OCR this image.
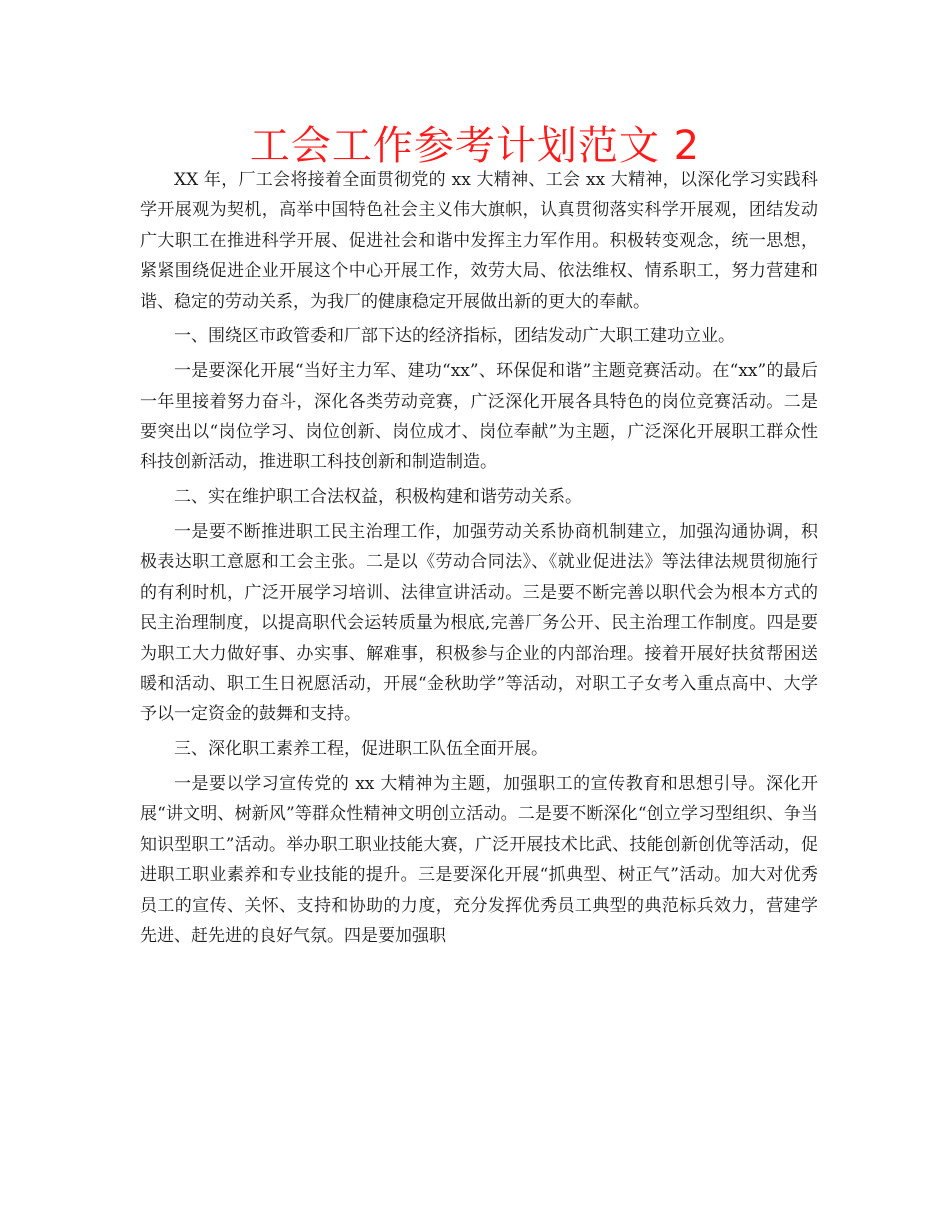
工会工作参考计划范文 2

XX 年，厂工会将接着全面贯彻党的 xx 大精神、工会 xx 大精神，以深化学习实践科学开展观为契机，高举中国特色社会主义伟大旗帜，认真贯彻落实科学开展观，团结发动广大职工在推进科学开展、促进社会和谐中发挥主力军作用。积极转变观念，统一思想，紧紧围绕促进企业开展这个中心开展工作，效劳大局、依法维权、情系职工，努力营建和谐、稳定的劳动关系，为我厂的健康稳定开展做出新的更大的奉献。

一、围绕区市政管委和厂部下达的经济指标，团结发动广大职工建功立业。

一是要深化开展“当好主力军、建功“xx”、环保促和谐”主题竞赛活动。在“xx”的最后一年里接着努力奋斗，深化各类劳动竞赛，广泛深化开展各具特色的岗位竞赛活动。二是要突出以“岗位学习、岗位创新、岗位成才、岗位奉献”为主题，广泛深化开展职工群众性科技创新活动，推进职工科技创新和制造制造。

二、实在维护职工合法权益，积极构建和谐劳动关系。

一是要不断推进职工民主治理工作，加强劳动关系协商机制建立，加强沟通协调，积极表达职工意愿和工会主张。二是以《劳动合同法》、《就业促进法》等法律法规贯彻施行的有利时机，广泛开展学习培训、法律宣讲活动。三是要不断完善以职代会为根本方式的民主治理制度，以提高职代会运转质量为根底,完善厂务公开、民主治理工作制度。四是要为职工大力做好事、办实事、解难事，积极参与企业的内部治理。接着开展好扶贫帮困送暖和活动、职工生日祝愿活动，开展“金秋助学”等活动，对职工子女考入重点高中、大学予以一定资金的鼓舞和支持。

三、深化职工素养工程，促进职工队伍全面开展。

一是要以学习宣传党的 xx 大精神为主题，加强职工的宣传教育和思想引导。深化开展“讲文明、树新风”等群众性精神文明创立活动。二是要不断深化“创立学习型组织、争当知识型职工”活动。举办职工职业技能大赛，广泛开展技术比武、技能创新创优等活动，促进职工职业素养和专业技能的提升。三是要深化开展“抓典型、树正气”活动。加大对优秀员工的宣传、关怀、支持和协助的力度，充分发挥优秀员工典型的典范标兵效力，营建学先进、赶先进的良好气氛。四是要加强职
